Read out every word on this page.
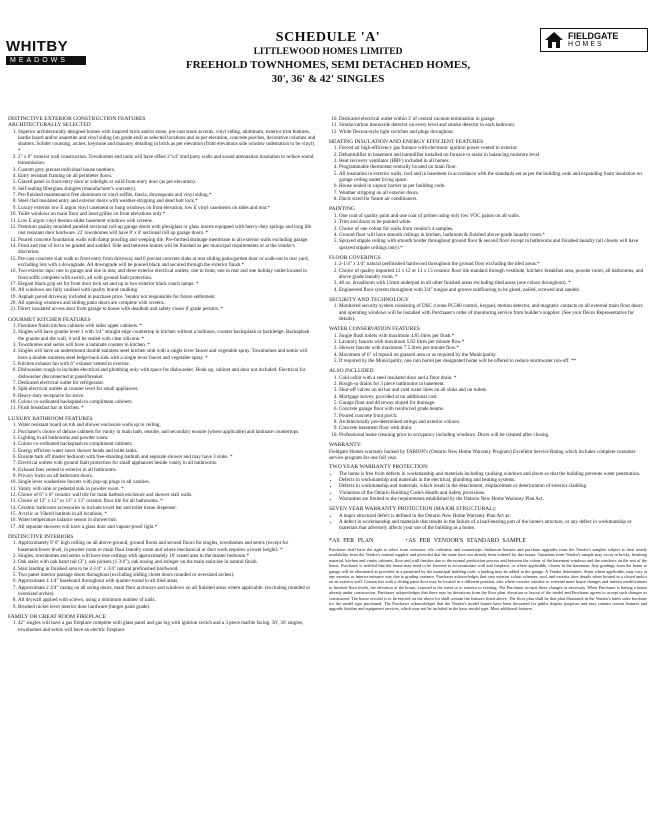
WHITBY
MEADOWS
SCHEDULE 'A'
LITTLEWOOD HOMES LIMITED
FREEHOLD TOWNHOMES, SEMI DETACHED HOMES,
30', 36' & 42' SINGLES
FIELDGATE
HOMES
DISTINCTIVE EXTERIOR CONSTRUCTION FEATURES
ARCHITECTURALLY SELECTED
1. Superior architecturally designed homes with inspired brick and/or stone, pre-cast stone accents, vinyl siding, aluminum, exterior trim features, hardie board and/or anaemite and vinyl siding (on grade end) as selected locations and as per elevation, concrete porches, decorative columns and shutters. Solider coursing, arches, keystone and masonry detailing in brick as per elevation (front elevations side window indentation to be vinyl). *
2. 2" x 6" exterior wall construction. Townhomes end units will have offset 2"x4" stud party walls and sound attenuation insulation to reduce sound transmission.
3. Custom grey precast individual house numbers.
4. Entry resistant framing on all perimeter doors.
5. Glazed panel in front entry door or sidelight or solid front entry door (as per elevation).
6. Self sealing fiberglass shingles (manufacturer's warranty).
7. Pre-finished maintenance free aluminum or vinyl soffits, fascia, downspouts and vinyl siding.*
8. Steel clad insulated entry and exterior doors with weather-stripping and dead bolt lock.*
9. Luxury exterior low E argon vinyl casement or hung windows on front elevation, low E vinyl casements on sides and rear.*
10. Toilet windows on main floor and inset grilles on front elevations only.*
11. Low E argon vinyl thermo-slider basement windows with screens.
12. Premium quality moulded paneled sectional roll-up garage doors with plexiglass or glass inserts equipped with heavy-duty springs and long life rust resistant door hardware. 22' townhomes will have 8' x 8' sectional roll up garage doors. *
13. Poured concrete foundation walls with damp proofing and weeping tile. Pre-formed drainage membrane to all exterior walls excluding garage.
14. Front and rear of lot to be graded and sodded. Side and between homes will be finished as per municipal requirements or at the vendor's discretion.
15. Pre-cast concrete slab walk to front entry from driveway and 6 precast concrete slabs at rear sliding patio/garden door or walk-out to rear yard, excluding lots with a downgrade. All downgrade will be poured black and secured through the exterior finish.*
16. Two exterior taps: one in garage and one in rear, and three exterior electrical outlets, one in front, one in rear and one holiday outlet located in front soffit complete with switch, all with ground fault protection.
17. Elegant black grip set for front door lock set and up to two exterior black coach lamps. *
18. All windows are fully caulked with quality brand caulking.
19. Asphalt paved driveway included in purchase price. Vendor not responsible for future settlement.
20. All opening windows and sliding patio doors are complete with screens.
21. Direct insulated access door from garage to house with deadbolt and safety closer if grade permits. *
GOURMET KITCHEN FEATURES
1. Furniture finish kitchen cabinets with taller upper cabinets. *
2. Singles will have granite level 1 with 3/4" straight edge countertop in kitchen without a bullnose, counter backsplash or backledge. Backsplash the granite and the wall, it will be sealed with clear silicone. *
3. Townhomes and semis will have a laminate counter in kitchen. *
4. Singles will have an undermount double stainless steel kitchen sink with a single lever faucet and vegetable spray. Townhomes and semis will have a double stainless steel ledge-back sink with a single lever faucet and vegetable spray. *
5. Kitchen exhaust fan with 6" exhaust vented to exterior.
6. Dishwasher rough-in includes electrical and plumbing only with space for dishwasher. Hook up, cabinet and door not included. Electrical for dishwasher disconnected at panel/breaker.
7. Dedicated electrical outlet for refrigerator.
8. Split electrical outlets at counter level for small appliances.
9. Heavy-duty receptacle for stove.
10. Colour co-ordinated backsplash to compliment cabinets.
11. Flush breakfast bar in kitchen. *
LUXURY BATHROOM FEATURES
1. Water resistant board on tub and shower enclosure walls up to ceiling.
2. Purchaser's choice of deluxe cabinets for vanity in main bath, ensuite, and secondary ensuite (where applicable) and laminate countertops.
3. Lighting in all bathrooms and powder room.
4. Colour co-ordinated backsplash to compliment cabinets.
5. Energy efficient water saver shower heads and toilet tanks.
6. Ensuite bath off master bedroom with free-standing bathtub and separate shower and may have 3 sinks. *
7. Electrical outlets with ground fault protection for small appliances beside vanity in all bathrooms.
8. Exhaust fans vented to exterior in all bathrooms.
9. Privacy locks on all bathroom doors.
10. Single lever washerless faucets with pop-up plugs in all vanities.
11. Vanity with sink or pedestal sink in powder room. *
12. Choice of 6" x 8" ceramic wall tile for main bathtub enclosure and shower stall walls.
13. Choice of 12" x 12" or 13" x 13" ceramic floor tile for all bathrooms. *
14. Ceramic bathroom accessories to include towel bar and toilet tissue dispenser.
15. Acrylic or Vikrell bathtub in all locations. *
16. Water temperature balance sensor in shower/tub.
17. All separate showers will have a glass door and vapour-proof light.*
DISTINCTIVE INTERIORS
1. Approximately 9' 0" high ceiling on all above-ground, ground floors and second floors for singles, townhomes and semis (except for basement/lower level, in powder room or main floor laundry room and where mechanical or duct work requires a lower height). *
2. Singles, townhomes and semis will have true ceilings with approximately 10' raised area in the master bedroom.*
3. Oak stairs with oak hand rail (3"), oak pickets (1 3/4"), oak nosing and stringer on the main staircase in natural finish.
4. Stair landing in finished area to be 2-1/4" x 3/4" natural prefinished hardwood.
5. Two panel interior passage doors throughout (excluding sliding closet doors rounded or oversized arches).
6. Approximate 4 1/4" baseboard throughout with quarter-round in all tiled areas.
7. Approximate 2 3/4" casing on all swing doors, main floor archways and windows on all finished areas where applicable. (excluding rounded or oversized arches).
8. All drywall applied with screws, using a minimum number of nails.
9. Brushed nickel lever interior door hardware (hinges paint grade).
FAMILY OR GREAT ROOM FIREPLACE
1. 42" singles will have a gas fireplace complete with glass panel and gas log with ignition switch and a 3 piece marble facing. 30', 36' singles, townhomes and semis will have an electric fireplace
10. Dedicated electrical outlet within 3' of central vacuum termination in garage.
11. Smoke/carbon monoxide detector on every level and smoke detector in each bedroom.
12. White Decora-style light switches and plugs throughout.
HEATING INSULATION AND ENERGY EFFICIENT FEATURES
1. Forced air high-efficiency gas furnace with electronic ignition power vented to exterior.
2. Dehumidifier in basement and humidifier installed on furnace to assist in balancing moisture level.
3. Heat recovery ventilator (HRV) included in all homes.
4. Programmable thermostat centrally located on main floor.
5. All insulation in exterior walls, roof and in basement in accordance with the standards set as per the building code and expanding foam insulation on garage ceiling under living space.
6. House sealed in vapour barrier as per building code.
7. Weather stripping on all exterior doors.
8. Ducts sized for future air conditioners.
PAINTING
1. One coat of quality paint and one coat of primer using only low VOC paints on all walls.
2. Trim and doors to be painted white.
3. Choice of one colour for walls from vendor's 4 samples.
4. Ground floor will have smooth ceilings in kitchen, bathroom & finished above-grade laundry room.*
5. Sprayed stipple ceiling with smooth border throughout ground floor & second floor except in bathrooms and finished laundry (all closets will have sprayed stipple ceilings only).*
FLOOR COVERINGS
1. 2-1/4" x 3/4" natural prefinished hardwood throughout the ground floor excluding the tiled areas.*
2. Choice of quality imported 12 x 12 or 13 x 13 ceramic floor tile standard through vestibule, kitchen/ breakfast area, powder room, all bathrooms, and above grade laundry room. *
3. 40 oz. broadloom with 11mm underpad in all other finished areas excluding tiled areas (one colour throughout). *
4. Engineered floor system throughout with 3/4" tongue and groove subflooring to be glued, nailed, screwed and sanded.
SECURITY AND TECHNOLOGY
1. Monitored security system consisting of DSC 4 zone PC500 control, keypad, motion detector, and magnetic contacts on all external main floor doors and operating windows will be installed with Purchaser's order of monitoring service from builder's supplier. (See your Décor Representative for details).
WATER CONSERVATION FEATURES
1. Single flush toilets with maximum 4.85 litres per flush.*
2. Lavatory faucets with maximum 5.82 litres per minute flow.*
3. Shower faucets with maximum 7.5 litres per minute flow.*
4. Maximum of 6" of topsoil on grassed area or as required by the Municipality.
5. If required by the Municipality, one rain barrel per designated home will be offered to reduce stormwater run-off. **
ALSO INCLUDED
1. Cold cellar with a steel insulated door and a floor drain. *
2. Rough-in drains for 3 piece bathrooms in basement.
3. Shut-off valves on all hot and cold water lines on all sinks and on toilets.
4. Mortgage survey, provided at no additional cost.
5. Garage floor and driveway sloped for drainage.
6. Concrete garage floor with reinforced grade beams.
7. Poured concrete front porch.
8. Architecturally pre-determined strings and exterior colours.
9. Concrete basement floor with drain.
10. Professional home cleaning prior to occupancy including windows. Ducts will be cleaned after closing.
WARRANTY:

Fieldgate Homes warranty backed by TARION's (Ontario New Home Warranty Program) Excellent Service Rating which includes complete customer service program for one full year.

TWO YEAR WARRANTY PROTECTION:
• The home is free from defects in workmanship and materials including caulking windows and doors so that the building prevents water penetration.
• Defects in workmanship and materials in the electrical, plumbing and heating systems.
• Defects in workmanship and materials, which result in the detachment, displacement or deterioration of exterior cladding.
• Violations of the Ontario Building Code's Health and Safety provisions.
• Warranties are limited to the requirements established by the Ontario New Home Warranty Plan Act.
SEVEN YEAR WARRANTY PROTECTION (MAJOR STRUCTURAL):
• A major structural defect is defined in the Ontario New Home Warranty Plan Act as:
• A defect in workmanship and materials that results in the failure of a load-bearing part of the home's structure, or any defect in workmanship or materials that adversely affects your use of the building as a home.
*AS PER PLAN	+AS PER VENDOR'S STANDARD SAMPLE

Purchaser shall have the right to select from overstate, tile, cabinetry and countertops, bathroom fixtures and purchase upgrades from the Vendor's samples subject to their timely availability from the Vendor's normal supplier and provided that the same have not already been ordered for this house. Variations from Vendor's sample may occur in bricks, finishing material, kitchen and vanity cabinets, floor and wall finishes due to the normal production process and between the colour of the basement windows and the windows on the rest of the home. Purchaser is notified that the house may need to be lowered to accommodate wall and fireplace, or where applicable, closets in the basement. Any gradings from the home to garage will be eliminated as provided in a permitted by the municipal building code, a landing may be added in the garage. A Vendor determines. Steps where applicable, may vary at any exterior or interior entrance way due to grading variance. Purchaser acknowledges that vary exterior colour schemes, roof, and exterior door details when located in a closed and/or on an exterior wall. Certain lots with a sliding patio door may be located in a different position, also where exterior window or external main house changes and interior modifications to finished floor levels, the elevation of the house, exposed to the street or to exterior to existing. The Purchaser accepts these changes as necessary. When Purchaser is having a house already under construction, Purchaser acknowledges that there may be deviations from the floor plan, elevation or layout of the model and Purchaser agrees to accept such changes as constructed. The house erected is to be erected on the above lot shall contain the features listed above. The floor plan shall be that plan illustrated in the Vendor's latest sales brochure for the model type purchased. The Purchaser acknowledges that the Vendor's model homes have been decorated for public display purposes and may contain certain features and upgrade finishes and equipment services, which may not be included in the basic model type. Most additional features
